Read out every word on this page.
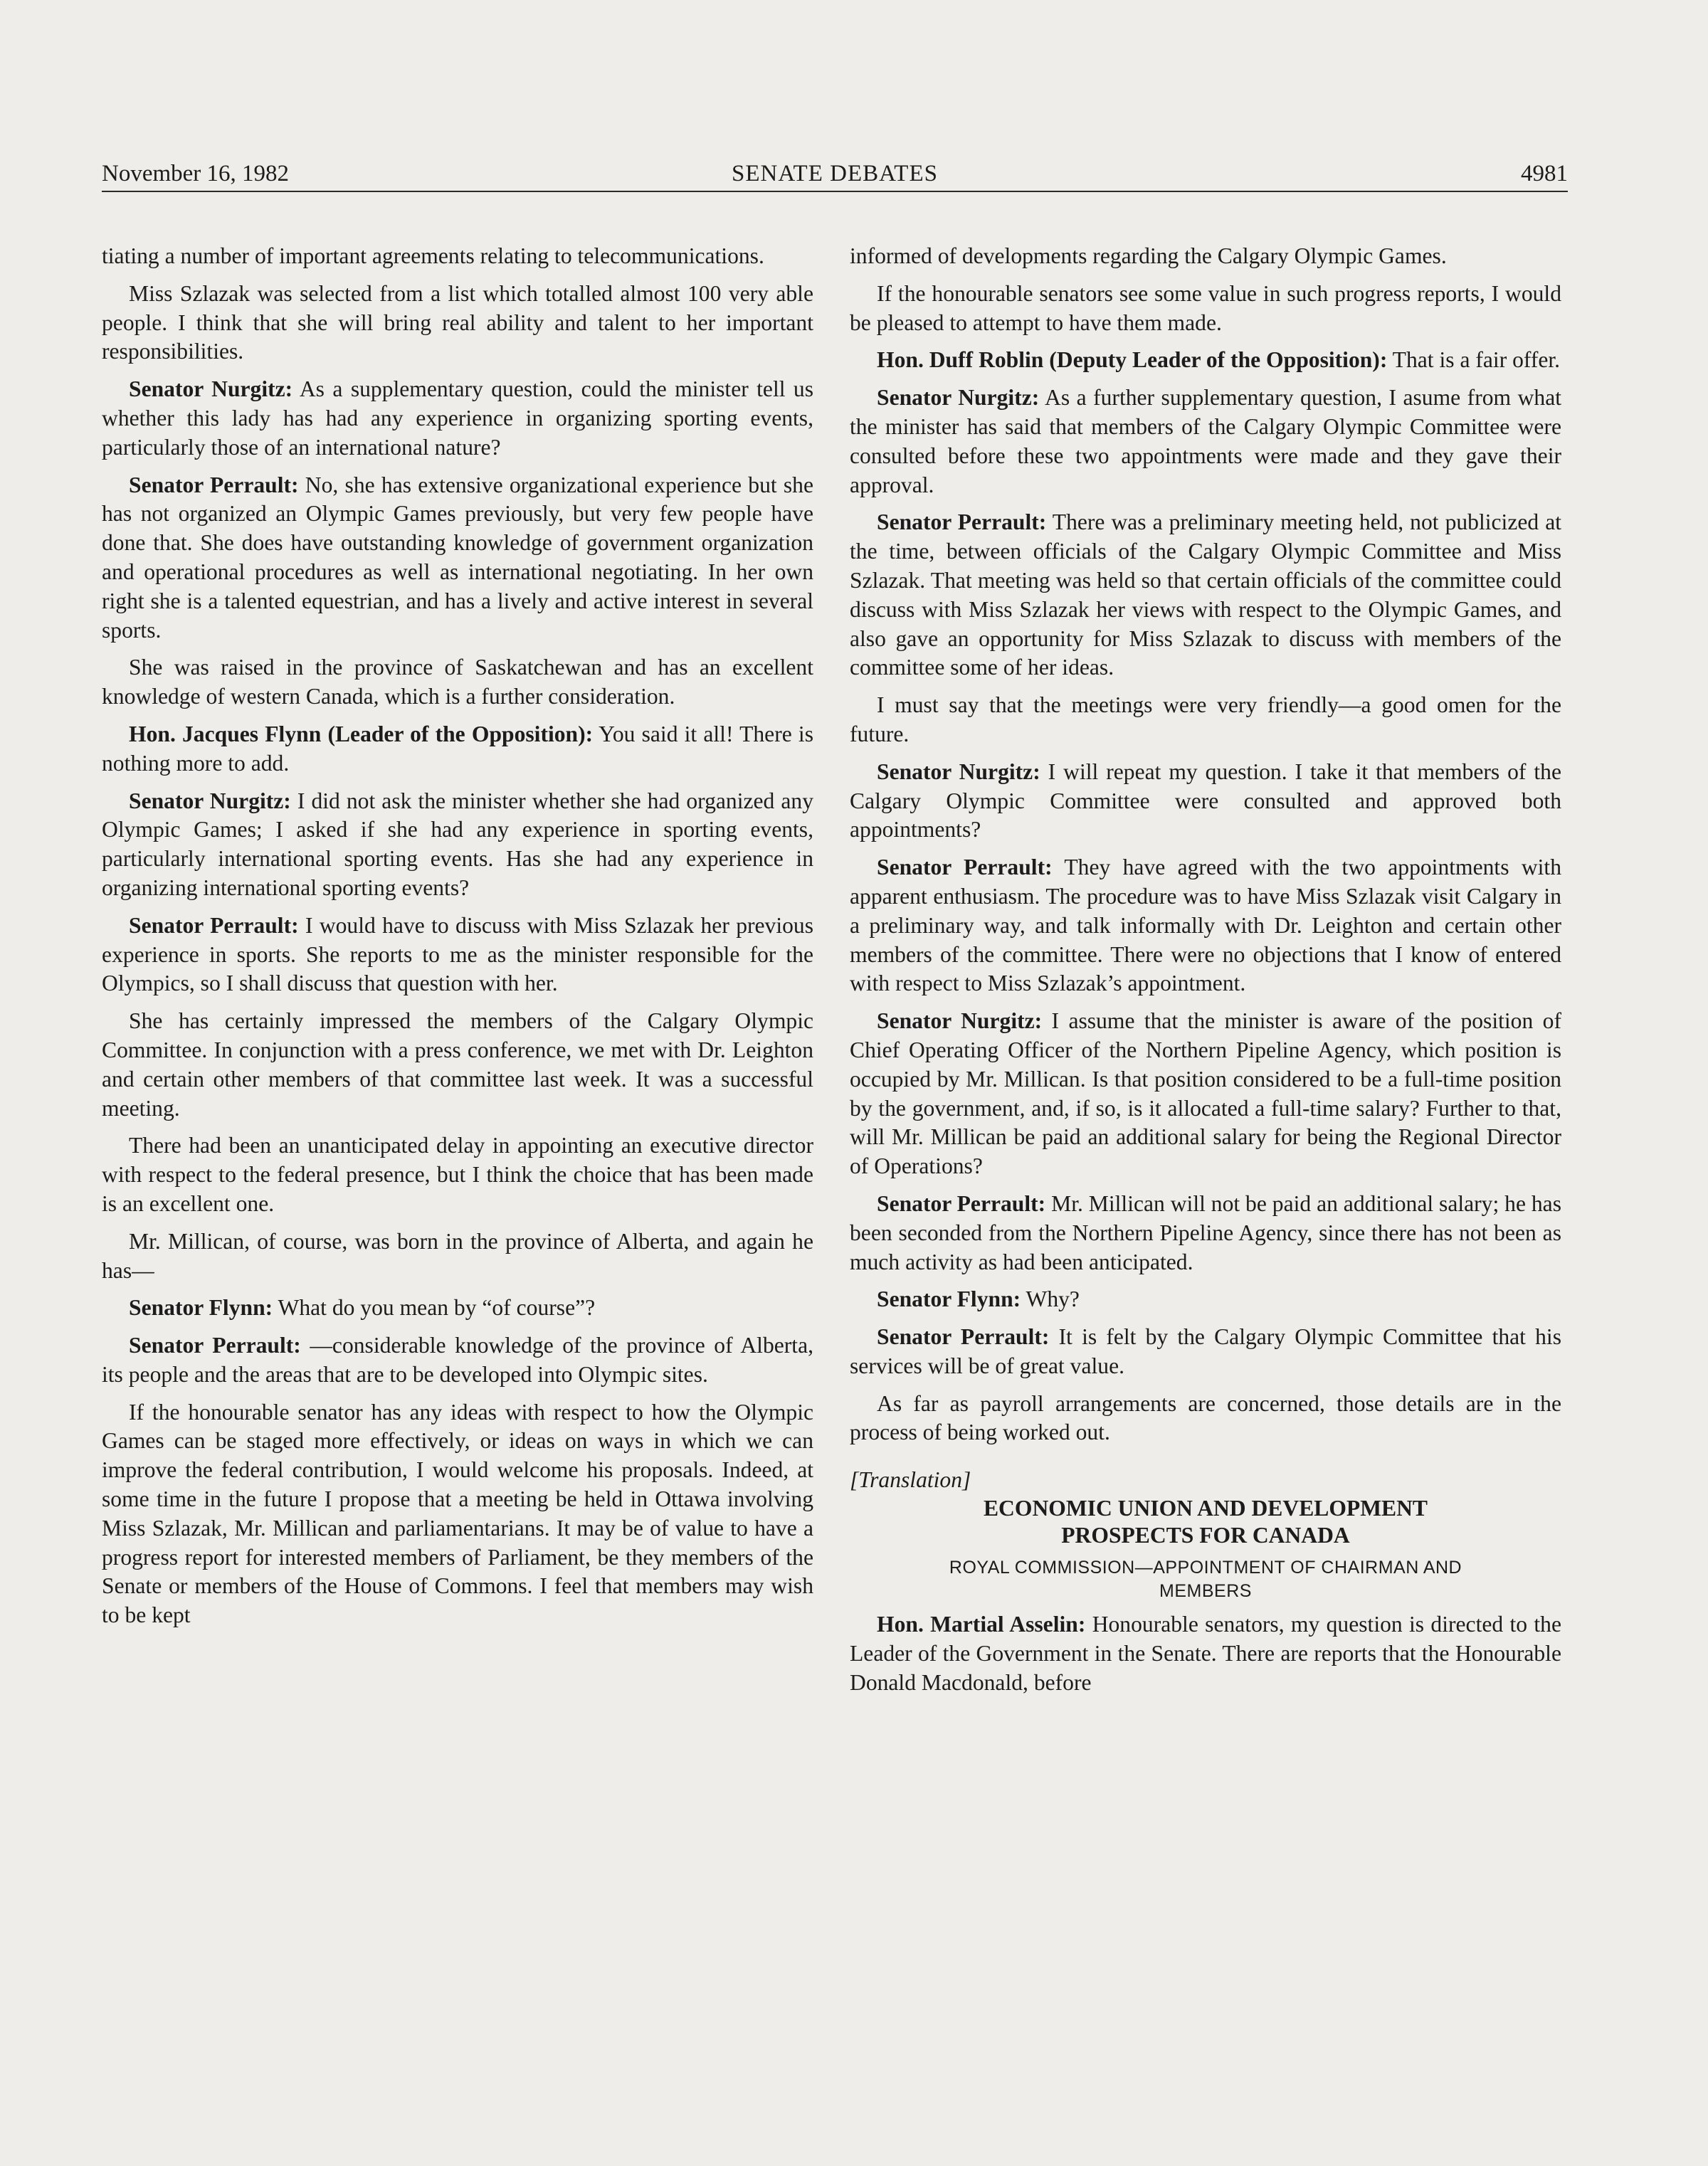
November 16, 1982	SENATE DEBATES	4981

tiating a number of important agreements relating to telecommunications.

Miss Szlazak was selected from a list which totalled almost 100 very able people. I think that she will bring real ability and talent to her important responsibilities.

Senator Nurgitz: As a supplementary question, could the minister tell us whether this lady has had any experience in organizing sporting events, particularly those of an international nature?

Senator Perrault: No, she has extensive organizational experience but she has not organized an Olympic Games previously, but very few people have done that. She does have outstanding knowledge of government organization and operational procedures as well as international negotiating. In her own right she is a talented equestrian, and has a lively and active interest in several sports.

She was raised in the province of Saskatchewan and has an excellent knowledge of western Canada, which is a further consideration.

Hon. Jacques Flynn (Leader of the Opposition): You said it all! There is nothing more to add.

Senator Nurgitz: I did not ask the minister whether she had organized any Olympic Games; I asked if she had any experience in sporting events, particularly international sporting events. Has she had any experience in organizing international sporting events?

Senator Perrault: I would have to discuss with Miss Szlazak her previous experience in sports. She reports to me as the minister responsible for the Olympics, so I shall discuss that question with her.

She has certainly impressed the members of the Calgary Olympic Committee. In conjunction with a press conference, we met with Dr. Leighton and certain other members of that committee last week. It was a successful meeting.

There had been an unanticipated delay in appointing an executive director with respect to the federal presence, but I think the choice that has been made is an excellent one.

Mr. Millican, of course, was born in the province of Alberta, and again he has—

Senator Flynn: What do you mean by “of course”?

Senator Perrault: —considerable knowledge of the province of Alberta, its people and the areas that are to be developed into Olympic sites.

If the honourable senator has any ideas with respect to how the Olympic Games can be staged more effectively, or ideas on ways in which we can improve the federal contribution, I would welcome his proposals. Indeed, at some time in the future I propose that a meeting be held in Ottawa involving Miss Szlazak, Mr. Millican and parliamentarians. It may be of value to have a progress report for interested members of Parliament, be they members of the Senate or members of the House of Commons. I feel that members may wish to be kept

informed of developments regarding the Calgary Olympic Games.

If the honourable senators see some value in such progress reports, I would be pleased to attempt to have them made.

Hon. Duff Roblin (Deputy Leader of the Opposition): That is a fair offer.

Senator Nurgitz: As a further supplementary question, I asume from what the minister has said that members of the Calgary Olympic Committee were consulted before these two appointments were made and they gave their approval.

Senator Perrault: There was a preliminary meeting held, not publicized at the time, between officials of the Calgary Olympic Committee and Miss Szlazak. That meeting was held so that certain officials of the committee could discuss with Miss Szlazak her views with respect to the Olympic Games, and also gave an opportunity for Miss Szlazak to discuss with members of the committee some of her ideas.

I must say that the meetings were very friendly—a good omen for the future.

Senator Nurgitz: I will repeat my question. I take it that members of the Calgary Olympic Committee were consulted and approved both appointments?

Senator Perrault: They have agreed with the two appointments with apparent enthusiasm. The procedure was to have Miss Szlazak visit Calgary in a preliminary way, and talk informally with Dr. Leighton and certain other members of the committee. There were no objections that I know of entered with respect to Miss Szlazak’s appointment.

Senator Nurgitz: I assume that the minister is aware of the position of Chief Operating Officer of the Northern Pipeline Agency, which position is occupied by Mr. Millican. Is that position considered to be a full-time position by the government, and, if so, is it allocated a full-time salary? Further to that, will Mr. Millican be paid an additional salary for being the Regional Director of Operations?

Senator Perrault: Mr. Millican will not be paid an additional salary; he has been seconded from the Northern Pipeline Agency, since there has not been as much activity as had been anticipated.

Senator Flynn: Why?

Senator Perrault: It is felt by the Calgary Olympic Committee that his services will be of great value.

As far as payroll arrangements are concerned, those details are in the process of being worked out.

[Translation]

ECONOMIC UNION AND DEVELOPMENT
PROSPECTS FOR CANADA
ROYAL COMMISSION—APPOINTMENT OF CHAIRMAN AND
MEMBERS

Hon. Martial Asselin: Honourable senators, my question is directed to the Leader of the Government in the Senate. There are reports that the Honourable Donald Macdonald, before
